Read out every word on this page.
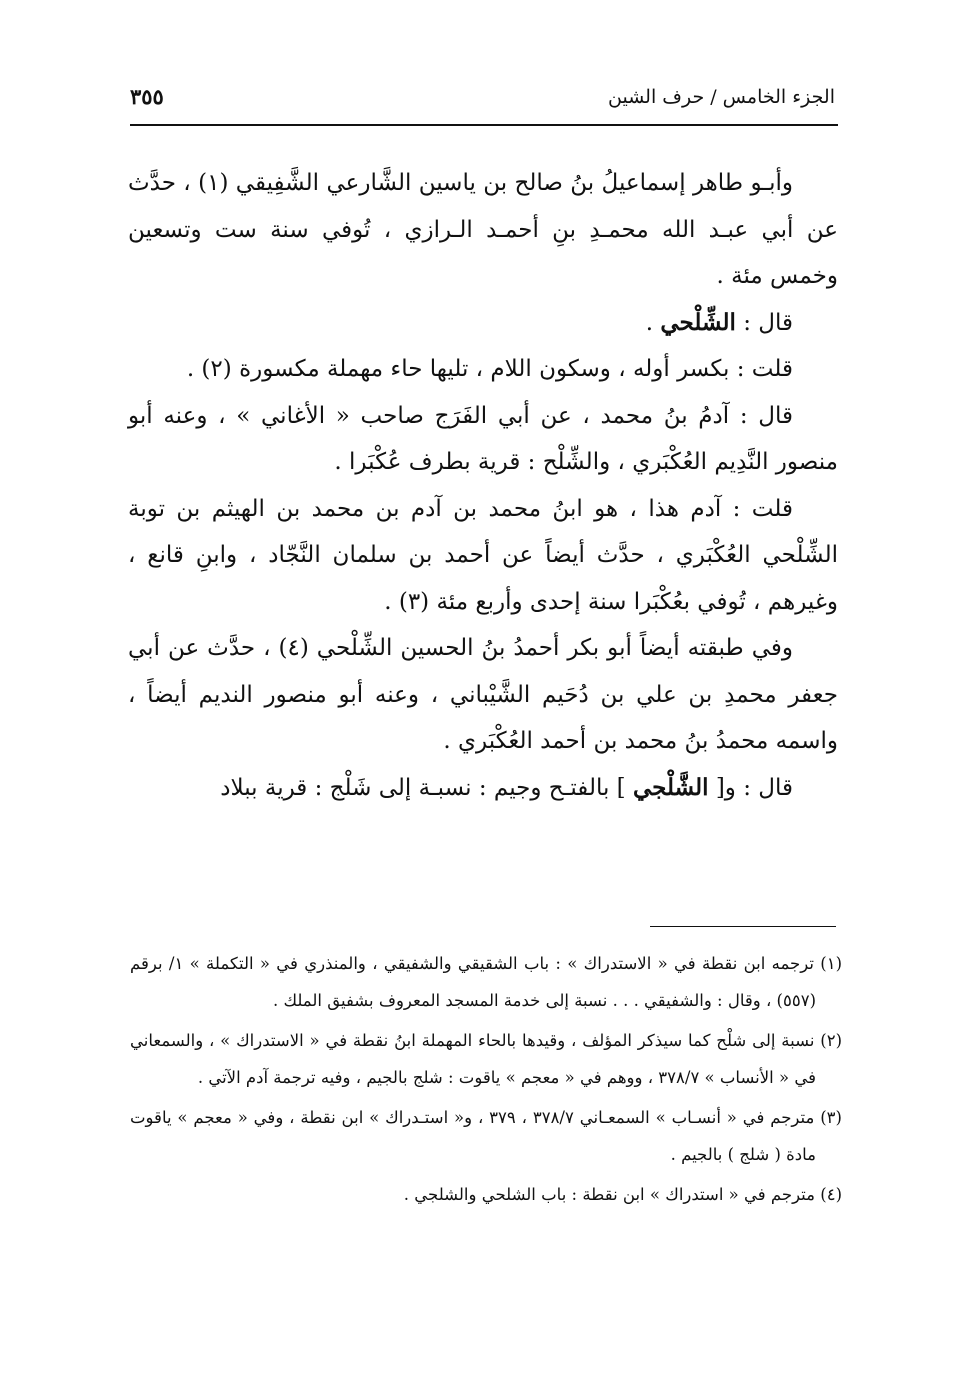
الجزء الخامس / حرف الشين
٣٥٥

وأبـو طاهر إسماعيلُ بنُ صالح بن ياسين الشَّارعي الشَّفِيقي (١) ، حدَّث عن أبي عبـد الله محمـدِ بنِ أحمـد الـرازي ، تُوفي سنة ست وتسعين وخمس مئة .

قال : الشِّلْحي .

قلت : بكسر أوله ، وسكون اللام ، تليها حاء مهملة مكسورة (٢) .

قال : آدمُ بنُ محمد ، عن أبي الفَرَج صاحب « الأغاني » ، وعنه أبو منصور النَّدِيم العُكْبَري ، والشِّلْح : قرية بطرف عُكْبَرا .

قلت : آدم هذا ، هو ابنُ محمد بن آدم بن محمد بن الهيثم بن توبة الشِّلْحي العُكْبَري ، حدَّث أيضاً عن أحمد بن سلمان النَّجّاد ، وابنِ قانع ، وغيرهم ، تُوفي بعُكْبَرا سنة إحدى وأربع مئة (٣) .

وفي طبقته أيضاً أبو بكر أحمدُ بنُ الحسين الشِّلْحي (٤) ، حدَّث عن أبي جعفر محمدِ بن علي بن دُحَيم الشَّيْباني ، وعنه أبو منصور النديم أيضاً ، واسمه محمدُ بنُ محمد بن أحمد العُكْبَري .

قال : و[ الشَّلْجي ] بالفتـح وجيم : نسبـة إلى شَلْج : قرية ببلاد

(١) ترجمه ابن نقطة في « الاستدراك » : باب الشقيقي والشفيقي ، والمنذري في « التكملة » ١/ برقم (٥٥٧) ، وقال : والشفيقي . . . نسبة إلى خدمة المسجد المعروف بشفيق الملك .

(٢) نسبة إلى شلْح كما سيذكر المؤلف ، وقيدها بالحاء المهملة ابنُ نقطة في « الاستدراك » ، والسمعاني في « الأنساب » ٣٧٨/٧ ، ووهم في « معجم » ياقوت : شلج بالجيم ، وفيه ترجمة آدم الآتي .

(٣) مترجم في « أنسـاب » السمعـاني ٣٧٨/٧ ، ٣٧٩ ، و« استـدراك » ابن نقطة ، وفي « معجم » ياقوت مادة ( شلج ) بالجيم .

(٤) مترجم في « استدراك » ابن نقطة : باب الشلحي والشلجي .
